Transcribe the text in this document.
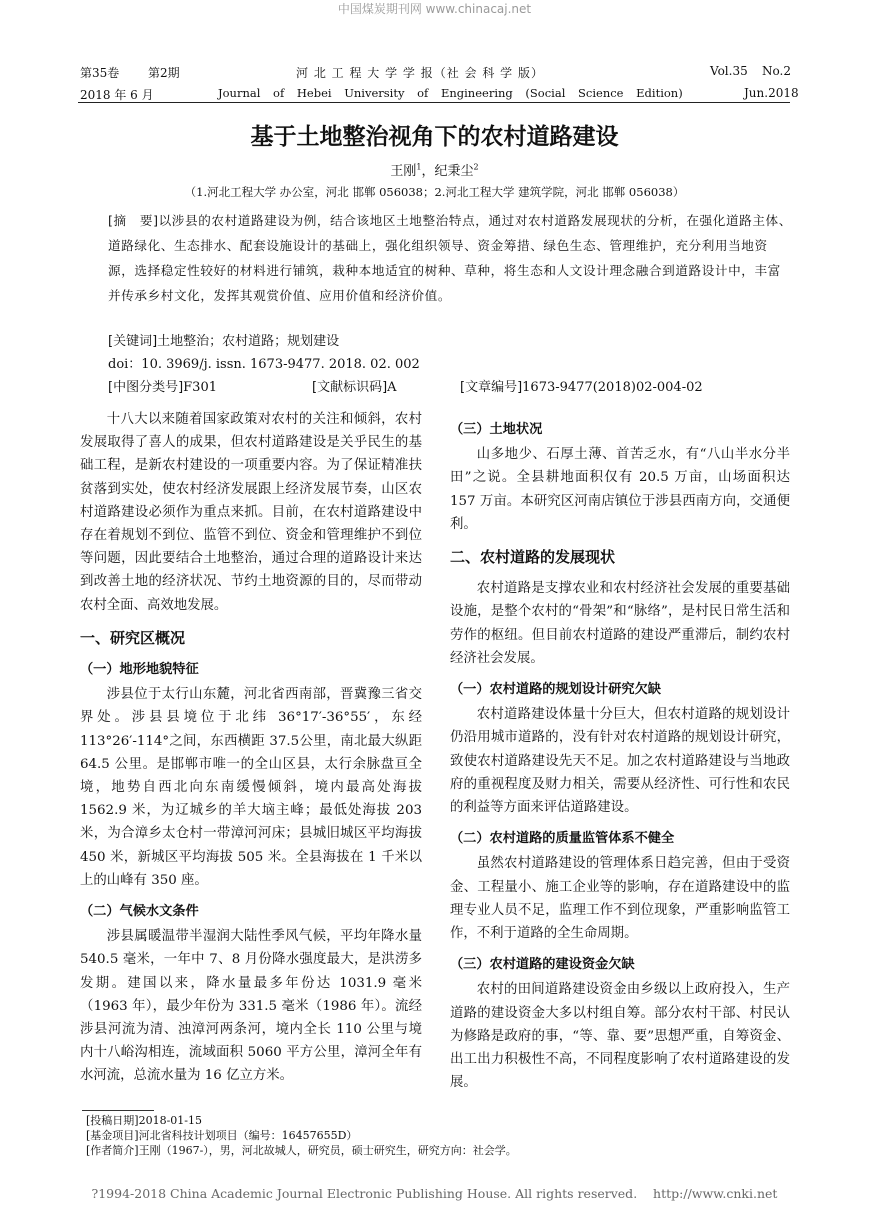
中国煤炭期刊网 www.chinacaj.net
第35卷 第2期	河 北 工 程 大 学 学 报（社 会 科 学 版）	Vol.35 No.2
2018 年 6 月	Journal of Hebei University of Engineering (Social Science Edition)	Jun.2018
基于土地整治视角下的农村道路建设
王刚$^1$，纪秉尘$^2$
（1.河北工程大学 办公室，河北 邯郸 056038；2.河北工程大学 建筑学院，河北 邯郸 056038）
[摘　要]以涉县的农村道路建设为例，结合该地区土地整治特点，通过对农村道路发展现状的分析，在强化道路主体、道路绿化、生态排水、配套设施设计的基础上，强化组织领导、资金筹措、绿色生态、管理维护，充分利用当地资源，选择稳定性较好的材料进行铺筑，栽种本地适宜的树种、草种，将生态和人文设计理念融合到道路设计中，丰富并传承乡村文化，发挥其观赏价值、应用价值和经济价值。
[关键词]土地整治；农村道路；规划建设
doi：10. 3969/j. issn. 1673-9477. 2018. 02. 002
[中图分类号]F301	[文献标识码]A	[文章编号]1673-9477(2018)02-004-02

十八大以来随着国家政策对农村的关注和倾斜，农村发展取得了喜人的成果，但农村道路建设是关乎民生的基础工程，是新农村建设的一项重要内容。为了保证精准扶贫落到实处，使农村经济发展跟上经济发展节奏，山区农村道路建设必须作为重点来抓。目前，在农村道路建设中存在着规划不到位、监管不到位、资金和管理维护不到位等问题，因此要结合土地整治，通过合理的道路设计来达到改善土地的经济状况、节约土地资源的目的，尽而带动农村全面、高效地发展。

一、研究区概况
（一）地形地貌特征

涉县位于太行山东麓，河北省西南部，晋冀豫三省交界处。涉县县境位于北纬 36°17′-36°55′，东经 113°26′-114°之间，东西横距 37.5公里，南北最大纵距 64.5 公里。是邯郸市唯一的全山区县，太行余脉盘亘全境，地势自西北向东南缓慢倾斜，境内最高处海拔 1562.9 米，为辽城乡的羊大垴主峰；最低处海拔 203 米，为合漳乡太仓村一带漳河河床；县城旧城区平均海拔 450 米，新城区平均海拔 505 米。全县海拔在 1 千米以上的山峰有 350 座。

（二）气候水文条件

涉县属暖温带半湿润大陆性季风气候，平均年降水量 540.5 毫米，一年中 7、8 月份降水强度最大，是洪涝多发期。建国以来，降水量最多年份达 1031.9 毫米（1963 年），最少年份为 331.5 毫米（1986 年）。流经涉县河流为清、浊漳河两条河，境内全长 110 公里与境内十八峪沟相连，流域面积 5060 平方公里，漳河全年有水河流，总流水量为 16 亿立方米。

（三）土地状况

山多地少、石厚土薄、首苦乏水，有“八山半水分半田”之说。全县耕地面积仅有 20.5 万亩，山场面积达 157 万亩。本研究区河南店镇位于涉县西南方向，交通便利。

二、农村道路的发展现状

农村道路是支撑农业和农村经济社会发展的重要基础设施，是整个农村的“骨架”和“脉络”，是村民日常生活和劳作的枢纽。但目前农村道路的建设严重滞后，制约农村经济社会发展。

（一）农村道路的规划设计研究欠缺

农村道路建设体量十分巨大，但农村道路的规划设计仍沿用城市道路的，没有针对农村道路的规划设计研究，致使农村道路建设先天不足。加之农村道路建设与当地政府的重视程度及财力相关，需要从经济性、可行性和农民的利益等方面来评估道路建设。

（二）农村道路的质量监管体系不健全

虽然农村道路建设的管理体系日趋完善，但由于受资金、工程量小、施工企业等的影响，存在道路建设中的监理专业人员不足，监理工作不到位现象，严重影响监管工作，不利于道路的全生命周期。

（三）农村道路的建设资金欠缺

农村的田间道路建设资金由乡级以上政府投入，生产道路的建设资金大多以村组自筹。部分农村干部、村民认为修路是政府的事，“等、靠、要”思想严重，自筹资金、出工出力积极性不高，不同程度影响了农村道路建设的发展。

[投稿日期]2018-01-15
[基金项目]河北省科技计划项目（编号：16457655D）
[作者简介]王刚（1967-），男，河北故城人，研究员，硕士研究生，研究方向：社会学。
?1994-2018 China Academic Journal Electronic Publishing House. All rights reserved.    http://www.cnki.net
